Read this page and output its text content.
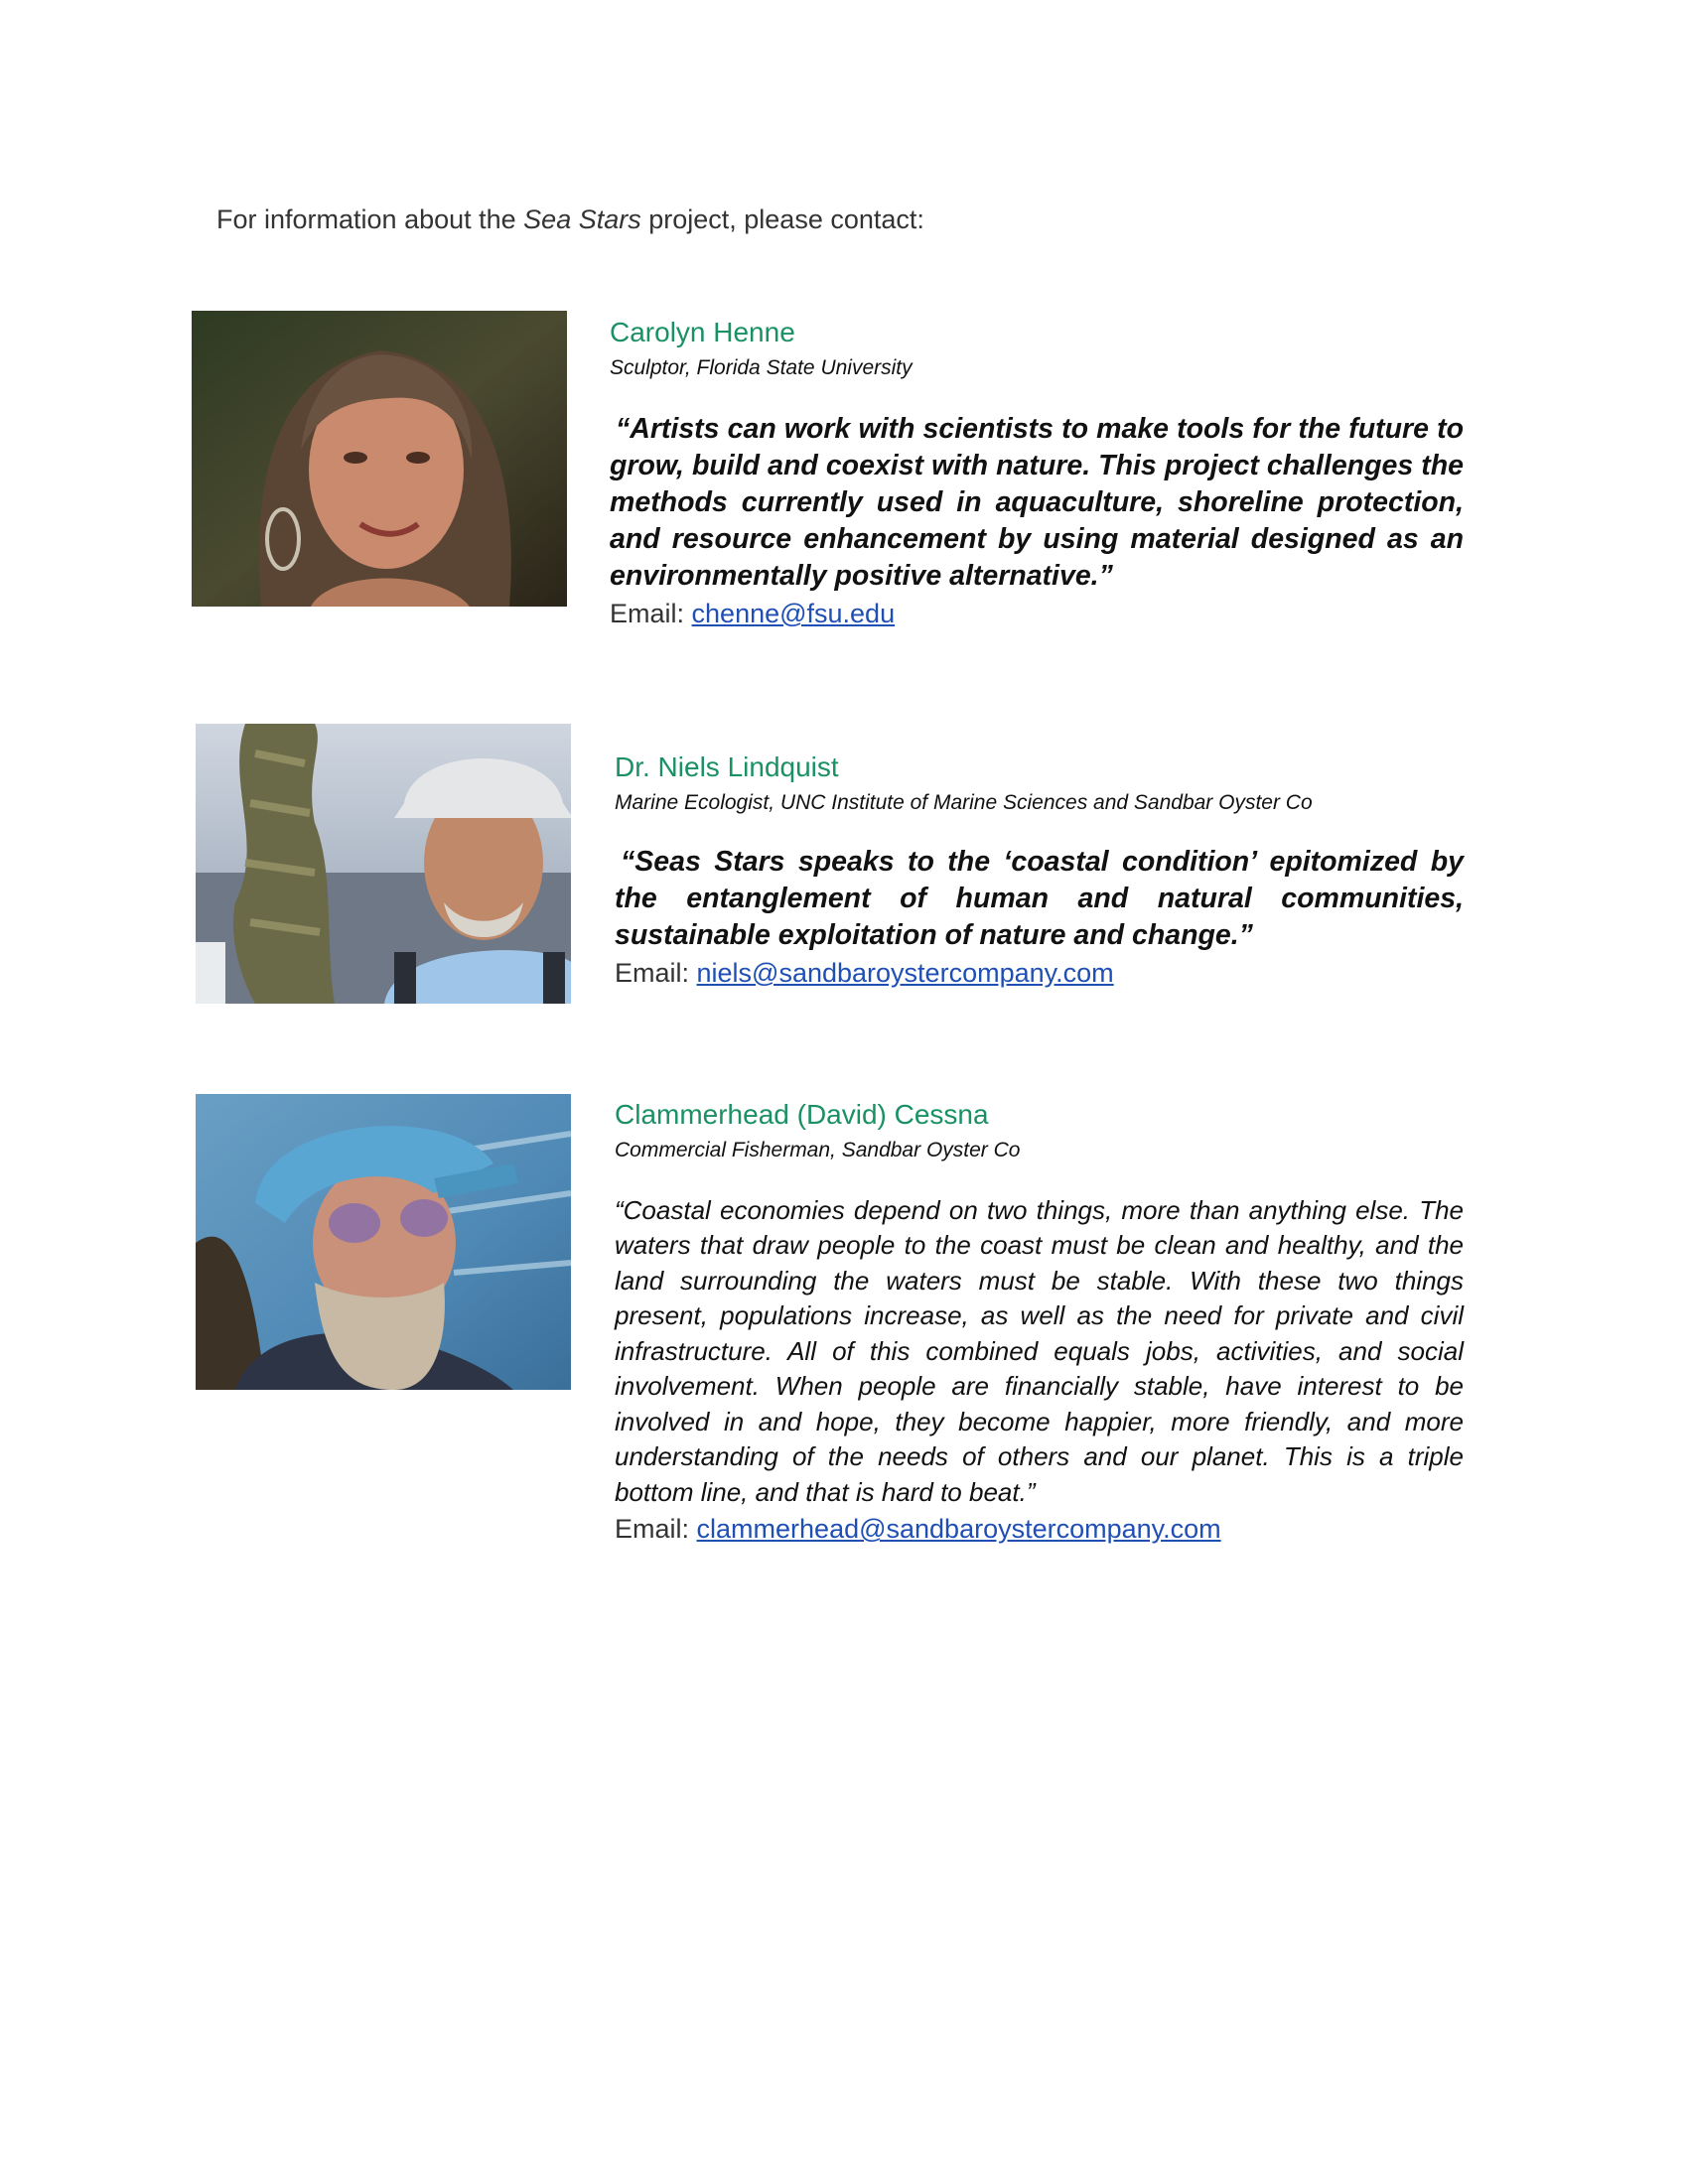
For information about the Sea Stars project, please contact:

Carolyn Henne

Sculptor, Florida State University

“Artists can work with scientists to make tools for the future to grow, build and coexist with nature. This project challenges the methods currently used in aquaculture, shoreline protection, and resource enhancement by using material designed as an environmentally positive alternative.”

Email: chenne@fsu.edu

Dr. Niels Lindquist

Marine Ecologist, UNC Institute of Marine Sciences and Sandbar Oyster Co

“Seas Stars speaks to the ‘coastal condition’ epitomized by the entanglement of human and natural communities, sustainable exploitation of nature and change.”

Email: niels@sandbaroystercompany.com

Clammerhead (David) Cessna

Commercial Fisherman, Sandbar Oyster Co

“Coastal economies depend on two things, more than anything else. The waters that draw people to the coast must be clean and healthy, and the land surrounding the waters must be stable. With these two things present, populations increase, as well as the need for private and civil infrastructure. All of this combined equals jobs, activities, and social involvement. When people are financially stable, have interest to be involved in and hope, they become happier, more friendly, and more understanding of the needs of others and our planet. This is a triple bottom line, and that is hard to beat.”

Email: clammerhead@sandbaroystercompany.com
